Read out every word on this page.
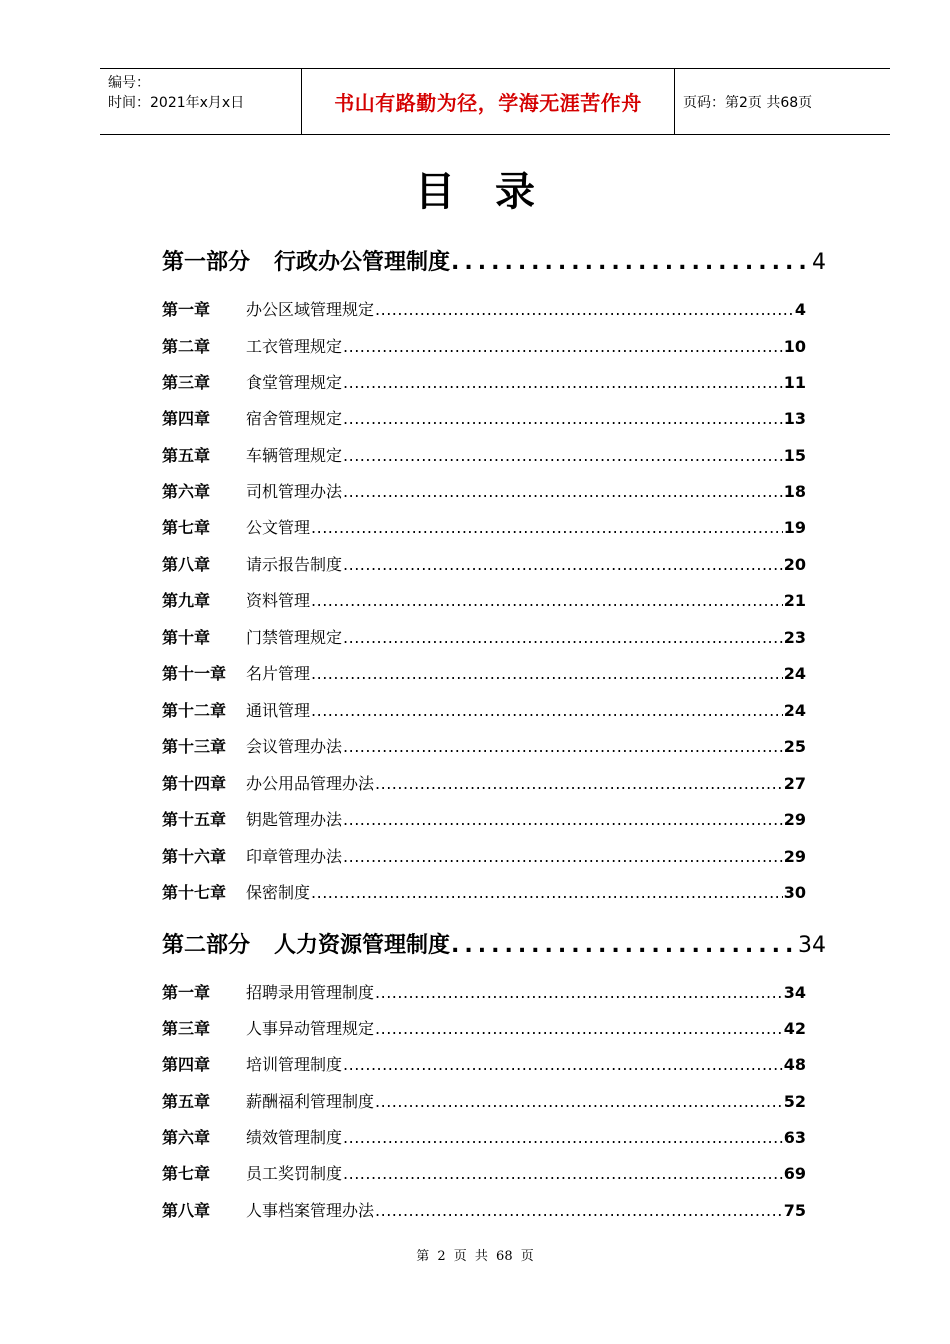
编号：
时间：2021年x月x日	书山有路勤为径，学海无涯苦作舟	页码：第2页 共68页
目录
第一部分 行政办公管理制度 .....	4
第一章	办公区域管理规定 .....	4
第二章	工衣管理规定 .....	10
第三章	食堂管理规定 .....	11
第四章	宿舍管理规定 .....	13
第五章	车辆管理规定 .....	15
第六章	司机管理办法 .....	18
第七章	公文管理 .....	19
第八章	请示报告制度 .....	20
第九章	资料管理 .....	21
第十章	门禁管理规定 .....	23
第十一章	名片管理 .....	24
第十二章	通讯管理 .....	24
第十三章	会议管理办法 .....	25
第十四章	办公用品管理办法 .....	27
第十五章	钥匙管理办法 .....	29
第十六章	印章管理办法 .....	29
第十七章	保密制度 .....	30
第二部分 人力资源管理制度 .....	34
第一章	招聘录用管理制度 .....	34
第三章	人事异动管理规定 .....	42
第四章	培训管理制度 .....	48
第五章	薪酬福利管理制度 .....	52
第六章	绩效管理制度 .....	63
第七章	员工奖罚制度 .....	69
第八章	人事档案管理办法 .....	75
第 2 页 共 68 页
